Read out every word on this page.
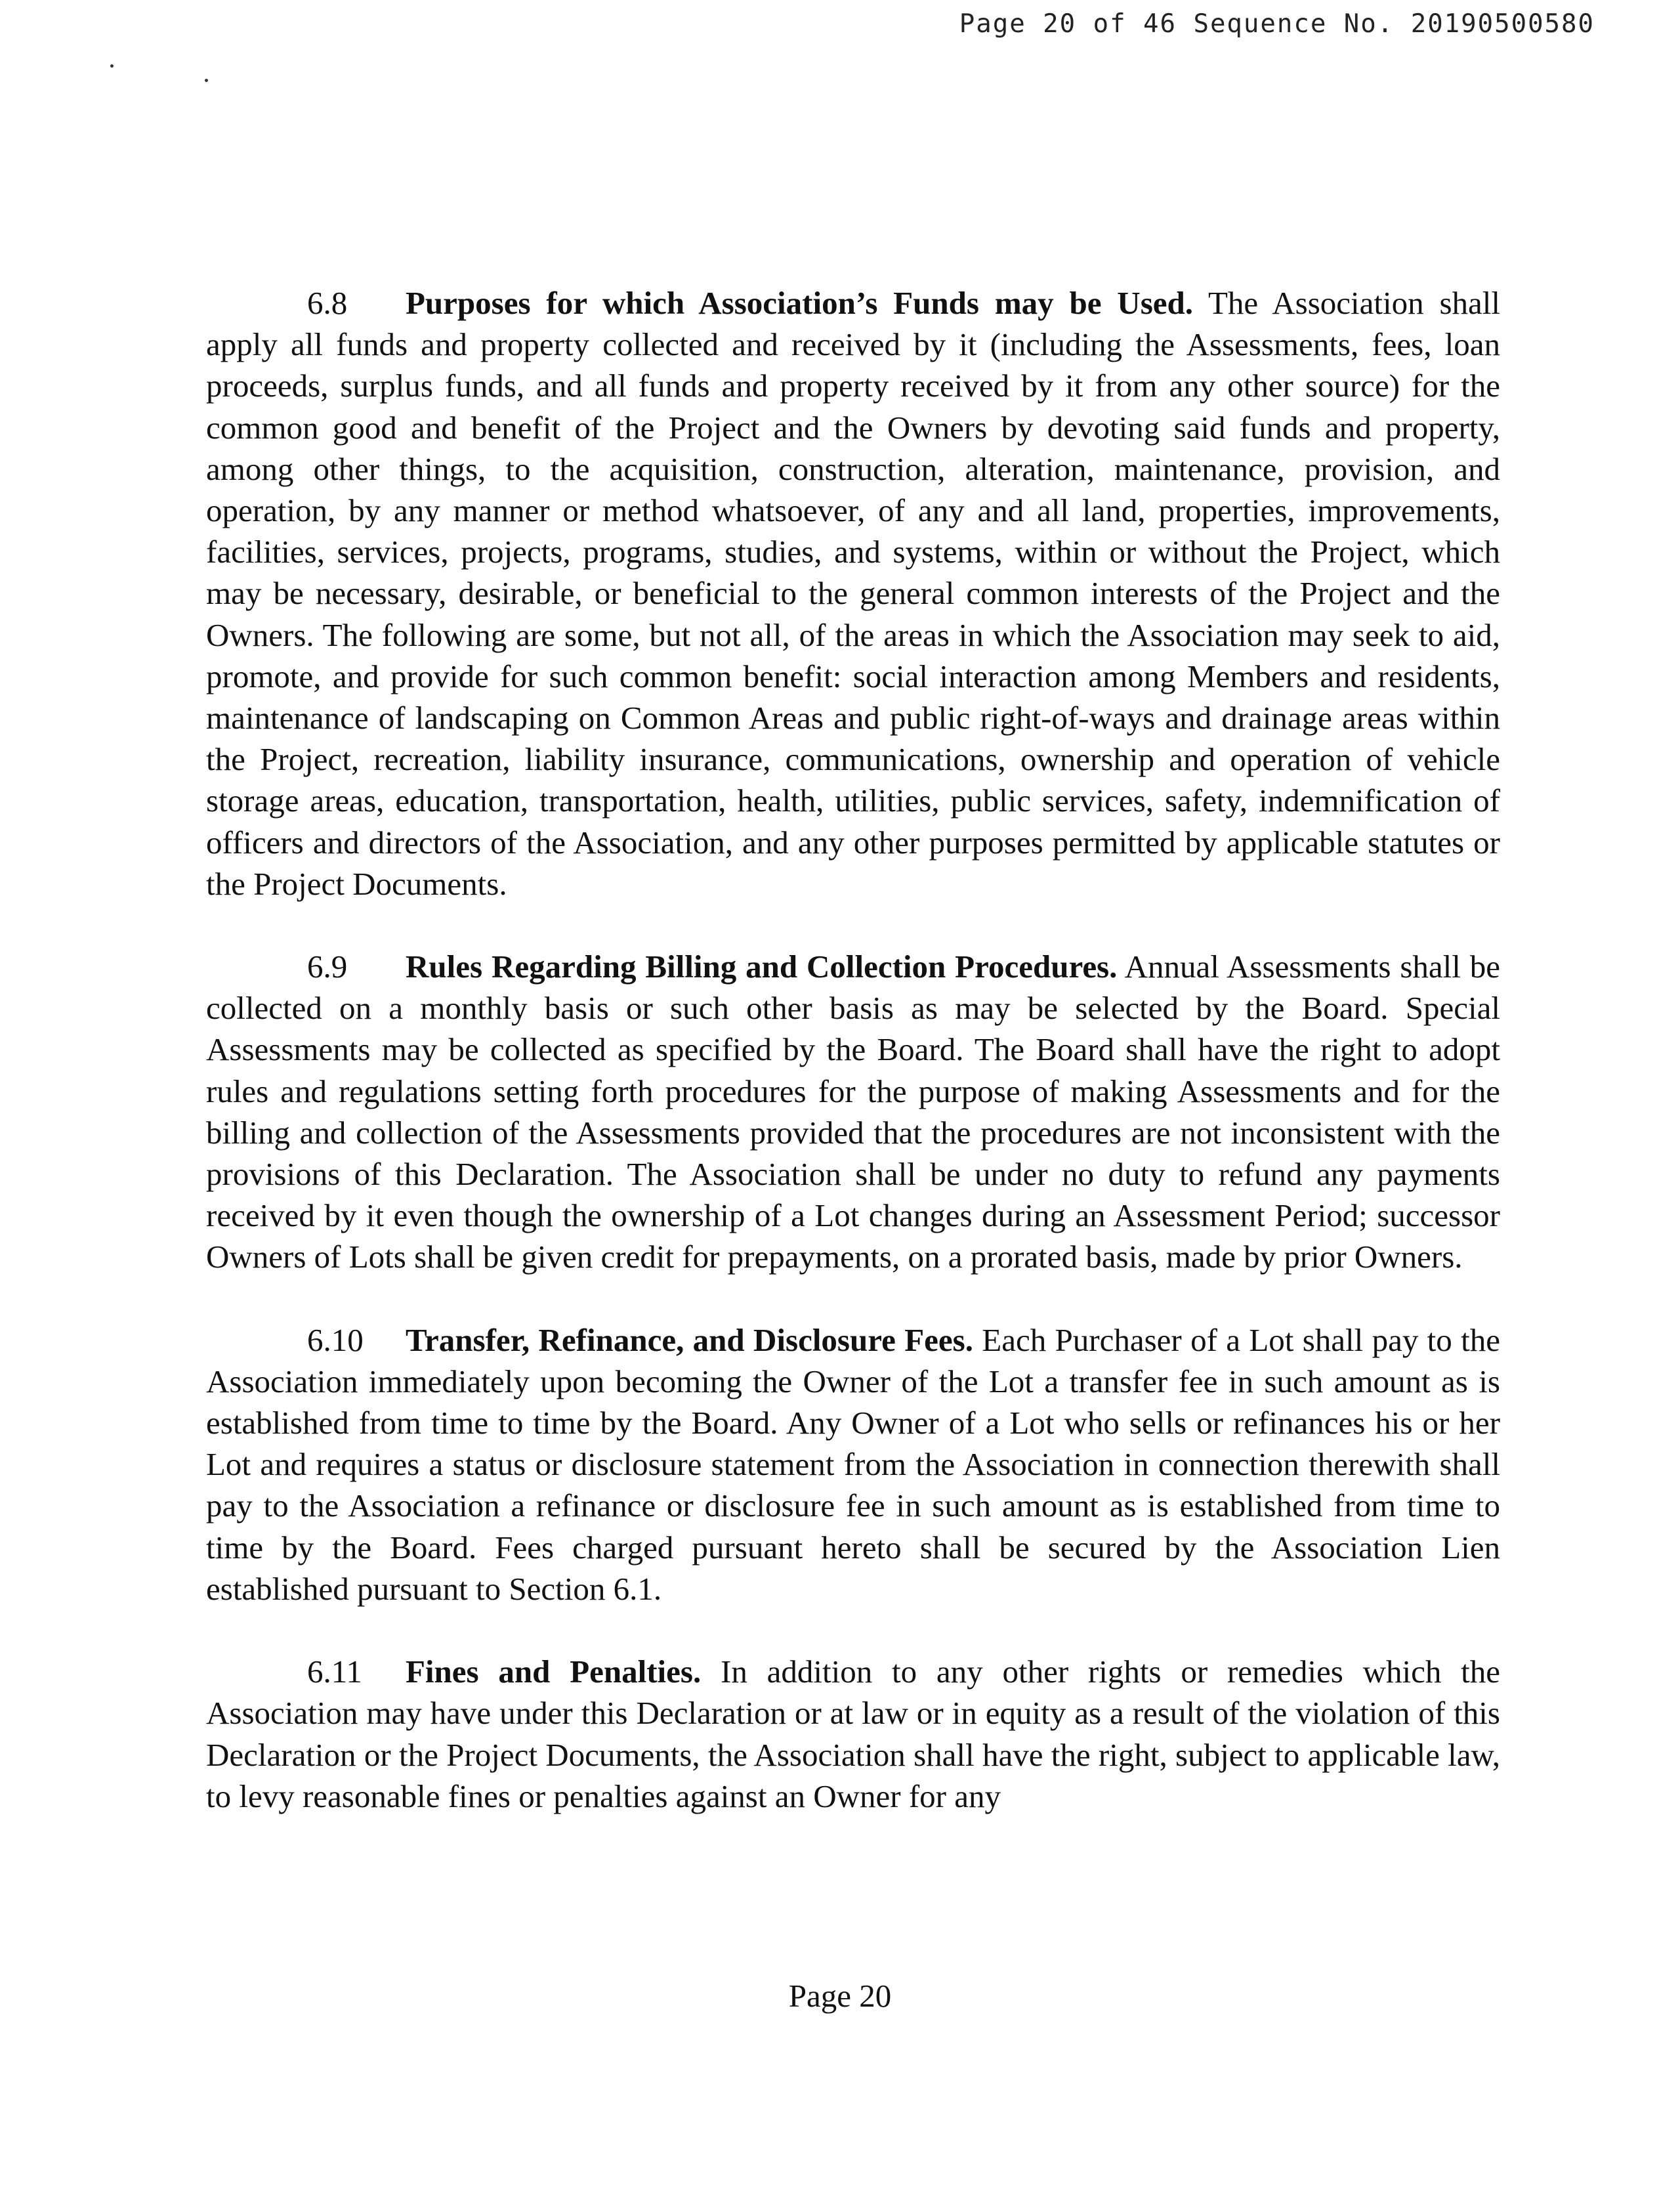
Page 20 of 46 Sequence No. 20190500580

6.8 Purposes for which Association’s Funds may be Used. The Association shall apply all funds and property collected and received by it (including the Assessments, fees, loan proceeds, surplus funds, and all funds and property received by it from any other source) for the common good and benefit of the Project and the Owners by devoting said funds and property, among other things, to the acquisition, construction, alteration, maintenance, provision, and operation, by any manner or method whatsoever, of any and all land, properties, improvements, facilities, services, projects, programs, studies, and systems, within or without the Project, which may be necessary, desirable, or beneficial to the general common interests of the Project and the Owners. The following are some, but not all, of the areas in which the Association may seek to aid, promote, and provide for such common benefit: social interaction among Members and residents, maintenance of landscaping on Common Areas and public right-of-ways and drainage areas within the Project, recreation, liability insurance, communications, ownership and operation of vehicle storage areas, education, transportation, health, utilities, public services, safety, indemnification of officers and directors of the Association, and any other purposes permitted by applicable statutes or the Project Documents.

6.9 Rules Regarding Billing and Collection Procedures. Annual Assessments shall be collected on a monthly basis or such other basis as may be selected by the Board. Special Assessments may be collected as specified by the Board. The Board shall have the right to adopt rules and regulations setting forth procedures for the purpose of making Assessments and for the billing and collection of the Assessments provided that the procedures are not inconsistent with the provisions of this Declaration. The Association shall be under no duty to refund any payments received by it even though the ownership of a Lot changes during an Assessment Period; successor Owners of Lots shall be given credit for prepayments, on a prorated basis, made by prior Owners.

6.10 Transfer, Refinance, and Disclosure Fees. Each Purchaser of a Lot shall pay to the Association immediately upon becoming the Owner of the Lot a transfer fee in such amount as is established from time to time by the Board. Any Owner of a Lot who sells or refinances his or her Lot and requires a status or disclosure statement from the Association in connection therewith shall pay to the Association a refinance or disclosure fee in such amount as is established from time to time by the Board. Fees charged pursuant hereto shall be secured by the Association Lien established pursuant to Section 6.1.

6.11 Fines and Penalties. In addition to any other rights or remedies which the Association may have under this Declaration or at law or in equity as a result of the violation of this Declaration or the Project Documents, the Association shall have the right, subject to applicable law, to levy reasonable fines or penalties against an Owner for any

Page 20
